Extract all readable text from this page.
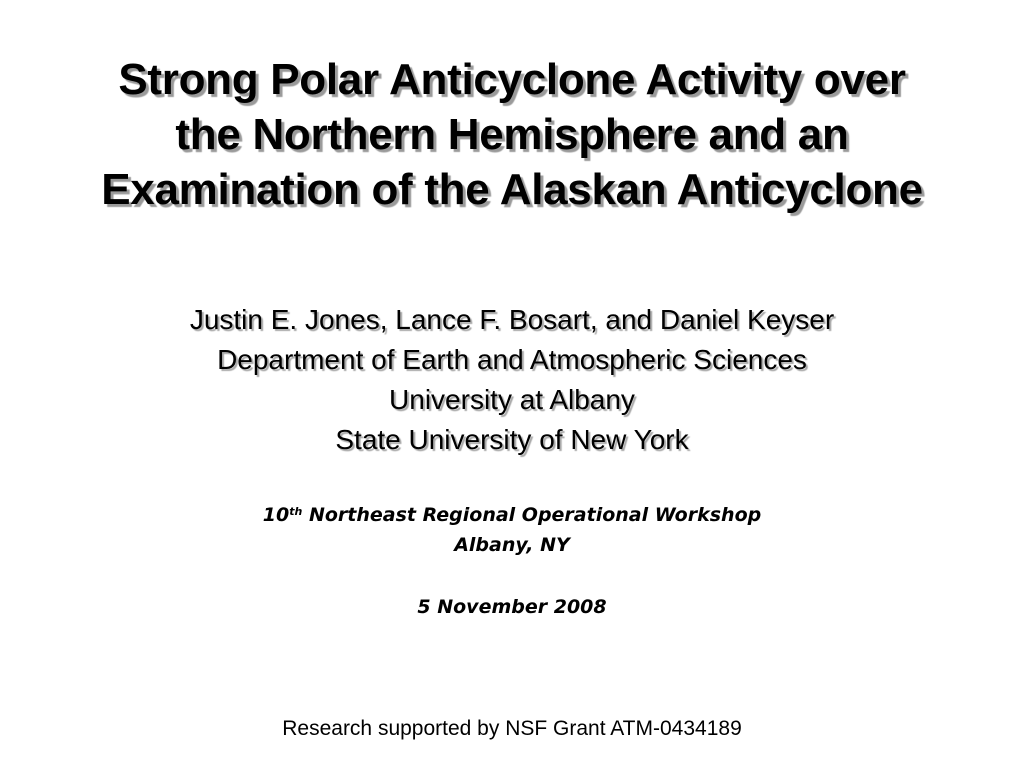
Strong Polar Anticyclone Activity over
the Northern Hemisphere and an
Examination of the Alaskan Anticyclone
Justin E. Jones, Lance F. Bosart, and Daniel Keyser
Department of Earth and Atmospheric Sciences
University at Albany
State University of New York
10th Northeast Regional Operational Workshop
Albany, NY
5 November 2008
Research supported by NSF Grant ATM-0434189
